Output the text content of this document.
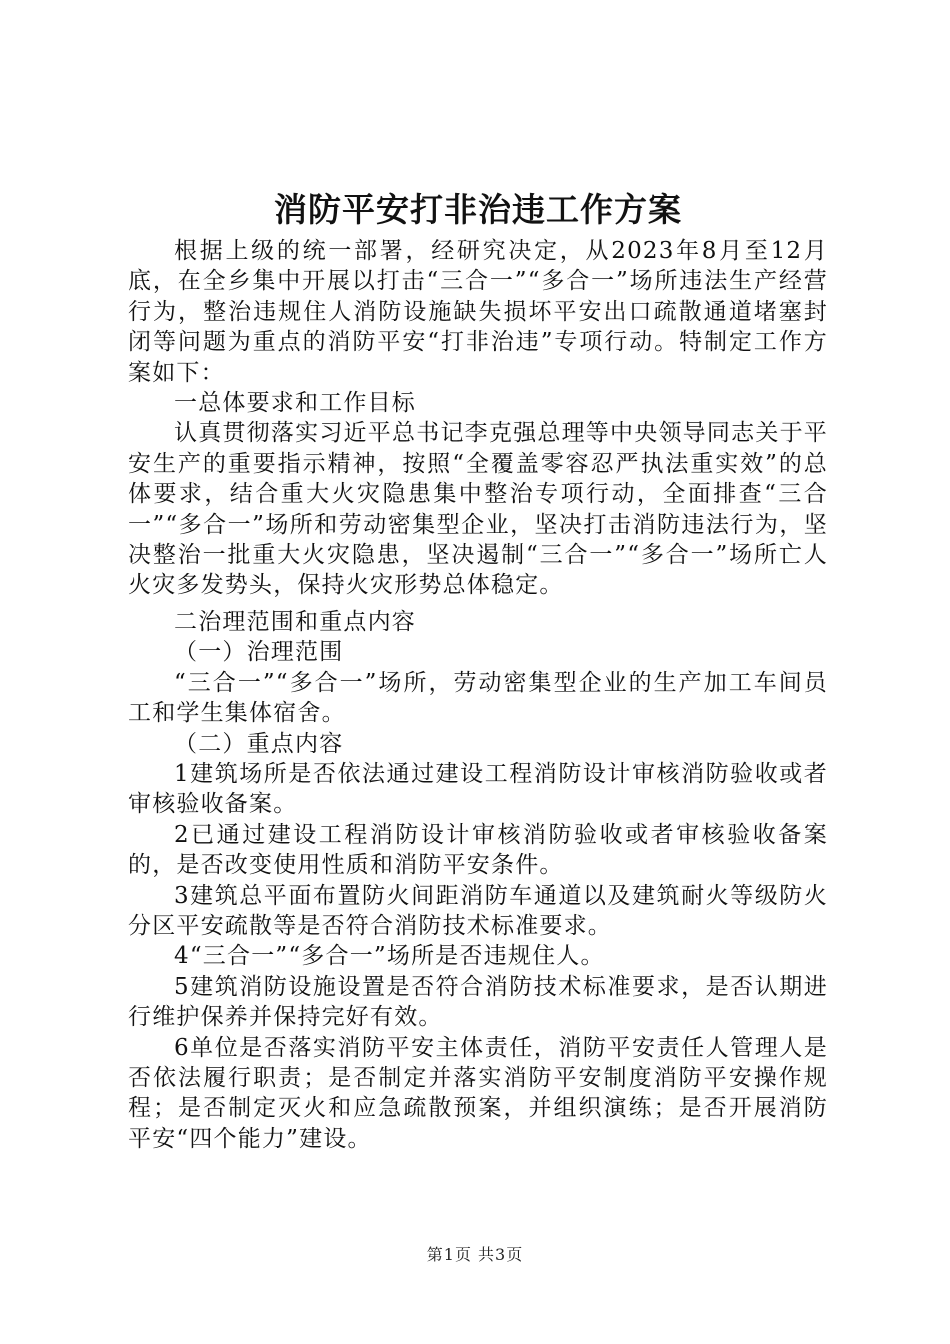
消防平安打非治违工作方案

根据上级的统一部署，经研究决定，从2023年8月至12月底，在全乡集中开展以打击“三合一”“多合一”场所违法生产经营行为，整治违规住人消防设施缺失损坏平安出口疏散通道堵塞封闭等问题为重点的消防平安“打非治违”专项行动。特制定工作方案如下：

一总体要求和工作目标

认真贯彻落实习近平总书记李克强总理等中央领导同志关于平安生产的重要指示精神，按照“全覆盖零容忍严执法重实效”的总体要求，结合重大火灾隐患集中整治专项行动，全面排查“三合一”“多合一”场所和劳动密集型企业，坚决打击消防违法行为，坚决整治一批重大火灾隐患，坚决遏制“三合一”“多合一”场所亡人火灾多发势头，保持火灾形势总体稳定。

二治理范围和重点内容

（一）治理范围

“三合一”“多合一”场所，劳动密集型企业的生产加工车间员工和学生集体宿舍。

（二）重点内容

1建筑场所是否依法通过建设工程消防设计审核消防验收或者审核验收备案。

2已通过建设工程消防设计审核消防验收或者审核验收备案的，是否改变使用性质和消防平安条件。

3建筑总平面布置防火间距消防车通道以及建筑耐火等级防火分区平安疏散等是否符合消防技术标准要求。

4“三合一”“多合一”场所是否违规住人。

5建筑消防设施设置是否符合消防技术标准要求，是否认期进行维护保养并保持完好有效。

6单位是否落实消防平安主体责任，消防平安责任人管理人是否依法履行职责；是否制定并落实消防平安制度消防平安操作规程；是否制定灭火和应急疏散预案，并组织演练；是否开展消防平安“四个能力”建设。

第1页 共3页
